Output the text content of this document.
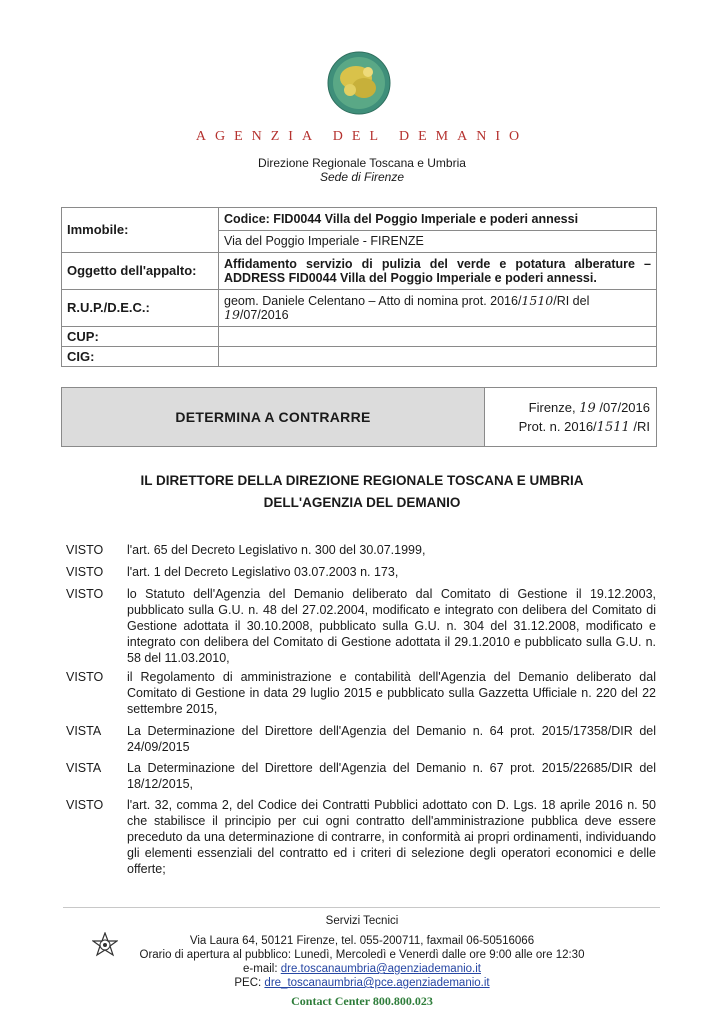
AGENZIA DEL DEMANIO
Direzione Regionale Toscana e Umbria
Sede di Firenze
Immobile:	Codice: FID0044 Villa del Poggio Imperiale e poderi annessi
	Via del Poggio Imperiale - FIRENZE
Oggetto dell'appalto:	Affidamento servizio di pulizia del verde e potatura alberature – ADDRESS FID0044 Villa del Poggio Imperiale e poderi annessi.
R.U.P./D.E.C.:	geom. Daniele Celentano – Atto di nomina prot. 2016/1510/RI del 19/07/2016
CUP:	
CIG:	
DETERMINA A CONTRARRE
Firenze, 19 /07/2016
Prot. n. 2016/1511 /RI
IL DIRETTORE DELLA DIREZIONE REGIONALE TOSCANA E UMBRIA
DELL'AGENZIA DEL DEMANIO
VISTO	l'art. 65 del Decreto Legislativo n. 300 del 30.07.1999,
VISTO	l'art. 1 del Decreto Legislativo 03.07.2003 n. 173,
VISTO	lo Statuto dell'Agenzia del Demanio deliberato dal Comitato di Gestione il 19.12.2003, pubblicato sulla G.U. n. 48 del 27.02.2004, modificato e integrato con delibera del Comitato di Gestione adottata il 30.10.2008, pubblicato sulla G.U. n. 304 del 31.12.2008, modificato e integrato con delibera del Comitato di Gestione adottata il 29.1.2010 e pubblicato sulla G.U. n. 58 del 11.03.2010,
VISTO	il Regolamento di amministrazione e contabilità dell'Agenzia del Demanio deliberato dal Comitato di Gestione in data 29 luglio 2015 e pubblicato sulla Gazzetta Ufficiale n. 220 del 22 settembre 2015,
VISTA	La Determinazione del Direttore dell'Agenzia del Demanio n. 64 prot. 2015/17358/DIR del 24/09/2015
VISTA	La Determinazione del Direttore dell'Agenzia del Demanio n. 67 prot. 2015/22685/DIR del 18/12/2015,
VISTO	l'art. 32, comma 2, del Codice dei Contratti Pubblici adottato con D. Lgs. 18 aprile 2016 n. 50 che stabilisce il principio per cui ogni contratto dell'amministrazione pubblica deve essere preceduto da una determinazione di contrarre, in conformità ai propri ordinamenti, individuando gli elementi essenziali del contratto ed i criteri di selezione degli operatori economici e delle offerte;
Servizi Tecnici
Via Laura 64, 50121 Firenze, tel. 055-200711, faxmail 06-50516066
Orario di apertura al pubblico: Lunedì, Mercoledì e Venerdì dalle ore 9:00 alle ore 12:30
e-mail: dre.toscanaumbria@agenziademanio.it
PEC: dre_toscanaumbria@pce.agenziademanio.it
Contact Center 800.800.023
